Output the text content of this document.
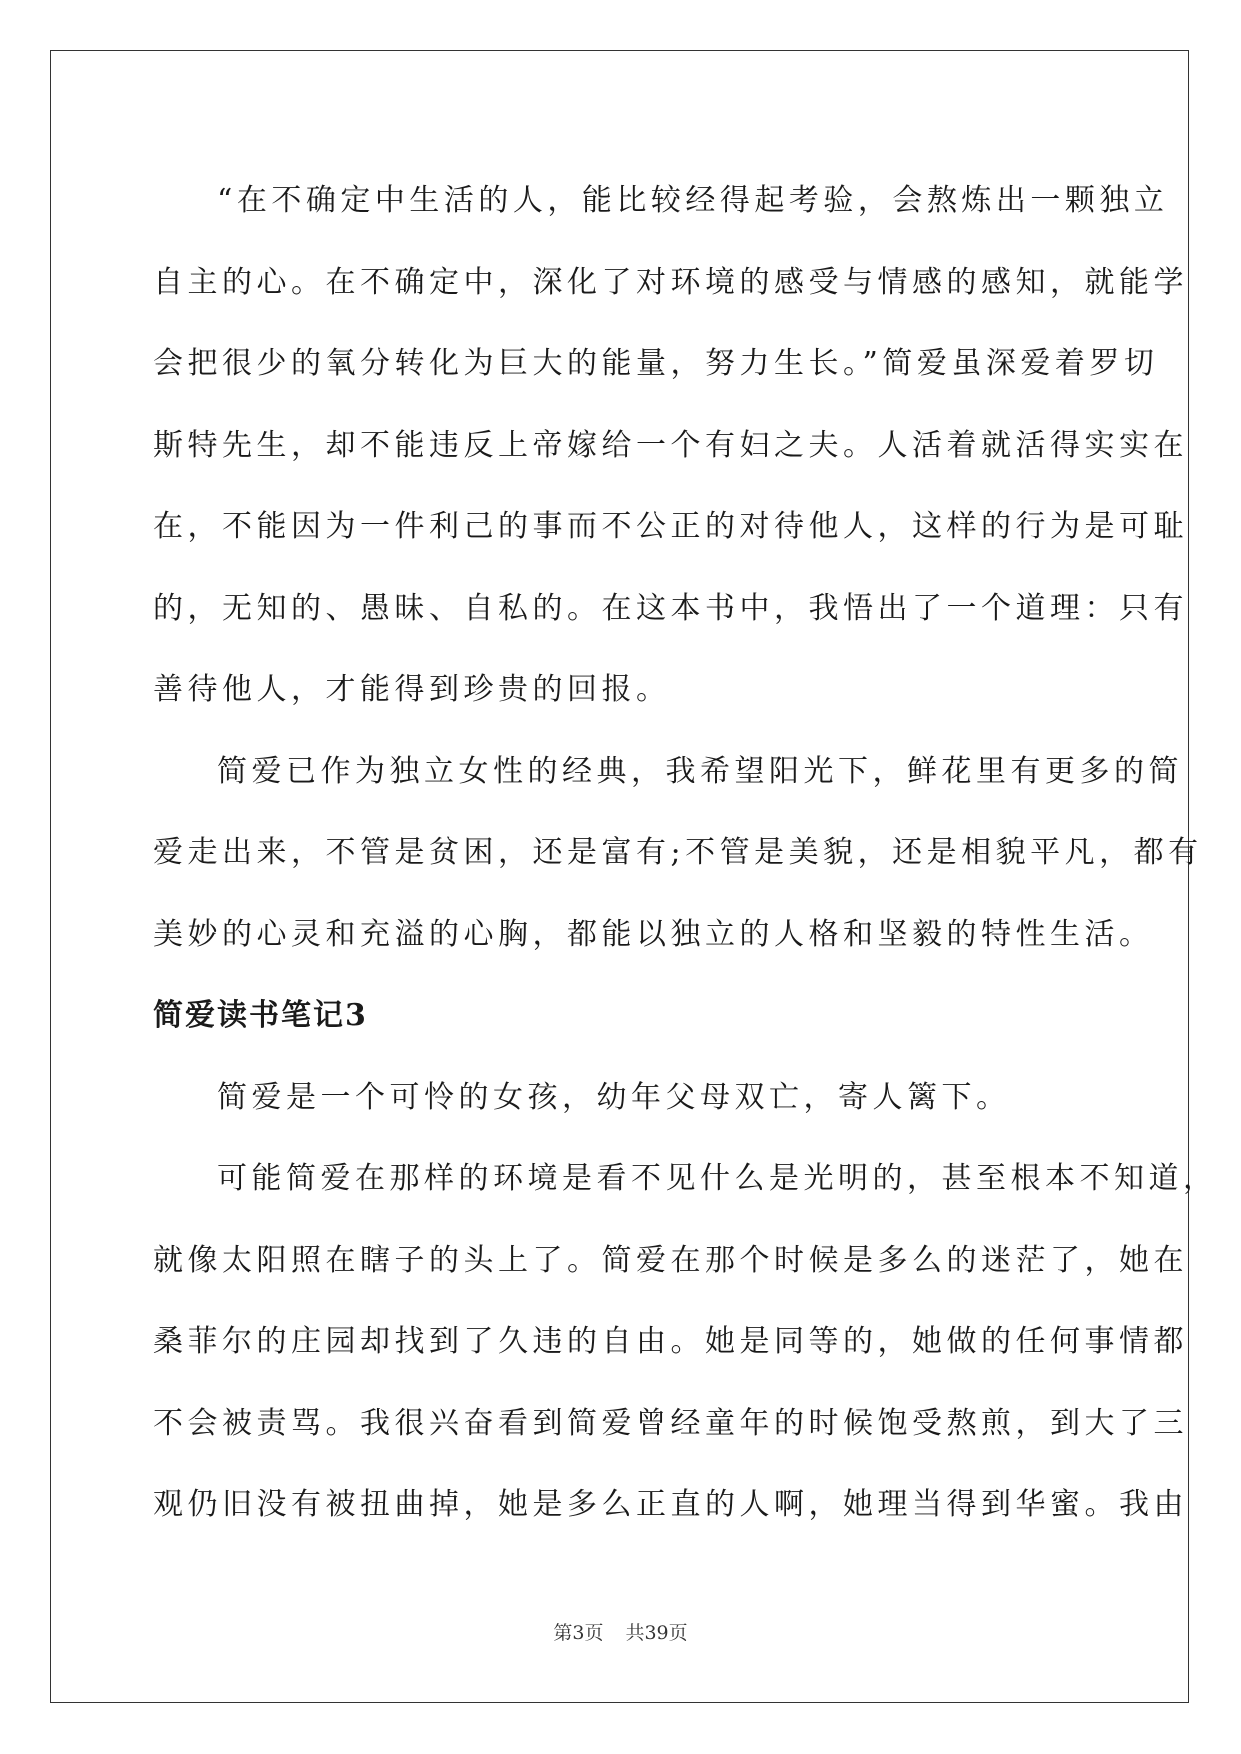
“在不确定中生活的人，能比较经得起考验，会熬炼出一颗独立
自主的心。在不确定中，深化了对环境的感受与情感的感知，就能学
会把很少的氧分转化为巨大的能量，努力生长。”简爱虽深爱着罗切
斯特先生，却不能违反上帝嫁给一个有妇之夫。人活着就活得实实在
在，不能因为一件利己的事而不公正的对待他人，这样的行为是可耻
的，无知的、愚昧、自私的。在这本书中，我悟出了一个道理：只有
善待他人，才能得到珍贵的回报。

简爱已作为独立女性的经典，我希望阳光下，鲜花里有更多的简
爱走出来，不管是贫困，还是富有;不管是美貌，还是相貌平凡，都有
美妙的心灵和充溢的心胸，都能以独立的人格和坚毅的特性生活。

简爱读书笔记3

简爱是一个可怜的女孩，幼年父母双亡，寄人篱下。

可能简爱在那样的环境是看不见什么是光明的，甚至根本不知道，
就像太阳照在瞎子的头上了。简爱在那个时候是多么的迷茫了，她在
桑菲尔的庄园却找到了久违的自由。她是同等的，她做的任何事情都
不会被责骂。我很兴奋看到简爱曾经童年的时候饱受熬煎，到大了三
观仍旧没有被扭曲掉，她是多么正直的人啊，她理当得到华蜜。我由

第3页 共39页
